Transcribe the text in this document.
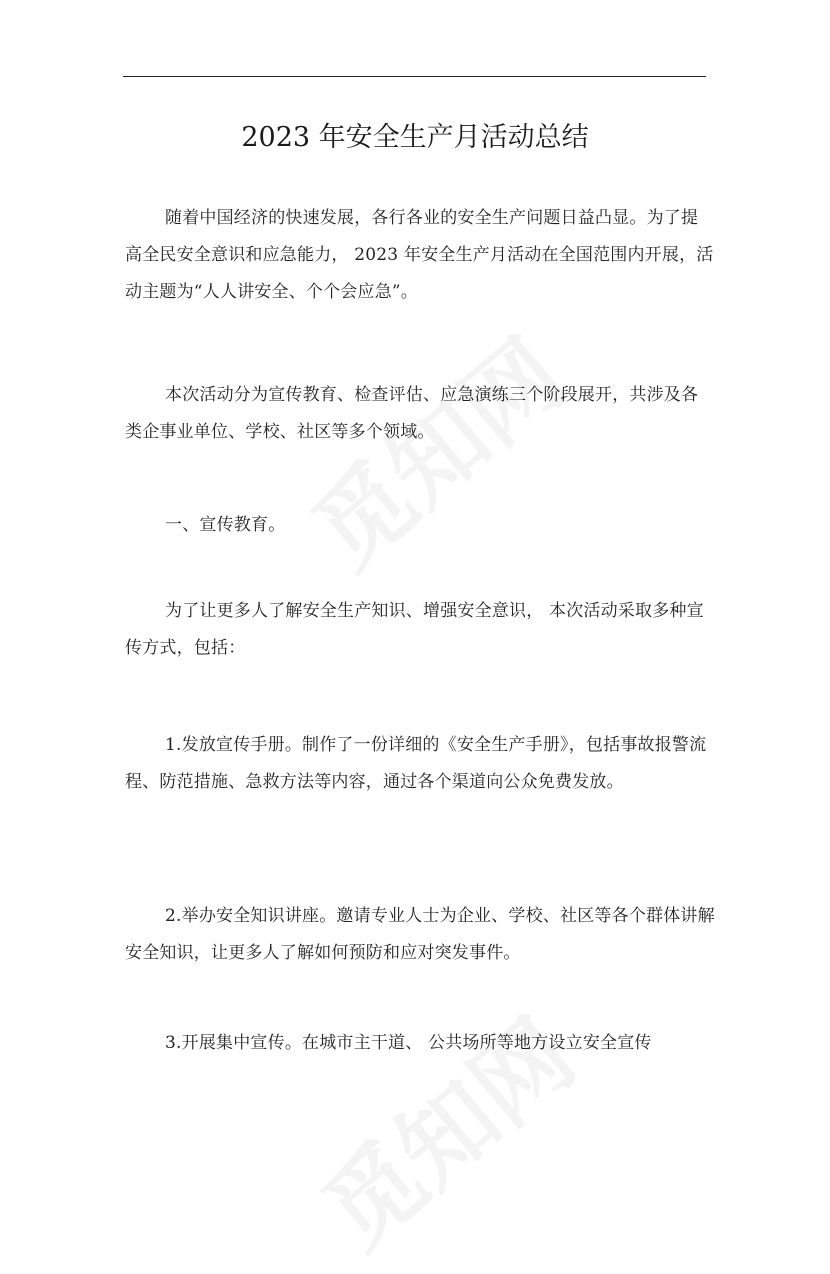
2023 年安全生产月活动总结

随着中国经济的快速发展，各行各业的安全生产问题日益凸显。为了提高全民安全意识和应急能力， 2023 年安全生产月活动在全国范围内开展，活动主题为“人人讲安全、个个会应急”。

本次活动分为宣传教育、检查评估、应急演练三个阶段展开，共涉及各类企事业单位、学校、社区等多个领域。

一、宣传教育。

为了让更多人了解安全生产知识、增强安全意识， 本次活动采取多种宣传方式，包括：

1.发放宣传手册。制作了一份详细的《安全生产手册》，包括事故报警流程、防范措施、急救方法等内容，通过各个渠道向公众免费发放。

2.举办安全知识讲座。邀请专业人士为企业、学校、社区等各个群体讲解安全知识，让更多人了解如何预防和应对突发事件。

3.开展集中宣传。在城市主干道、 公共场所等地方设立安全宣传
